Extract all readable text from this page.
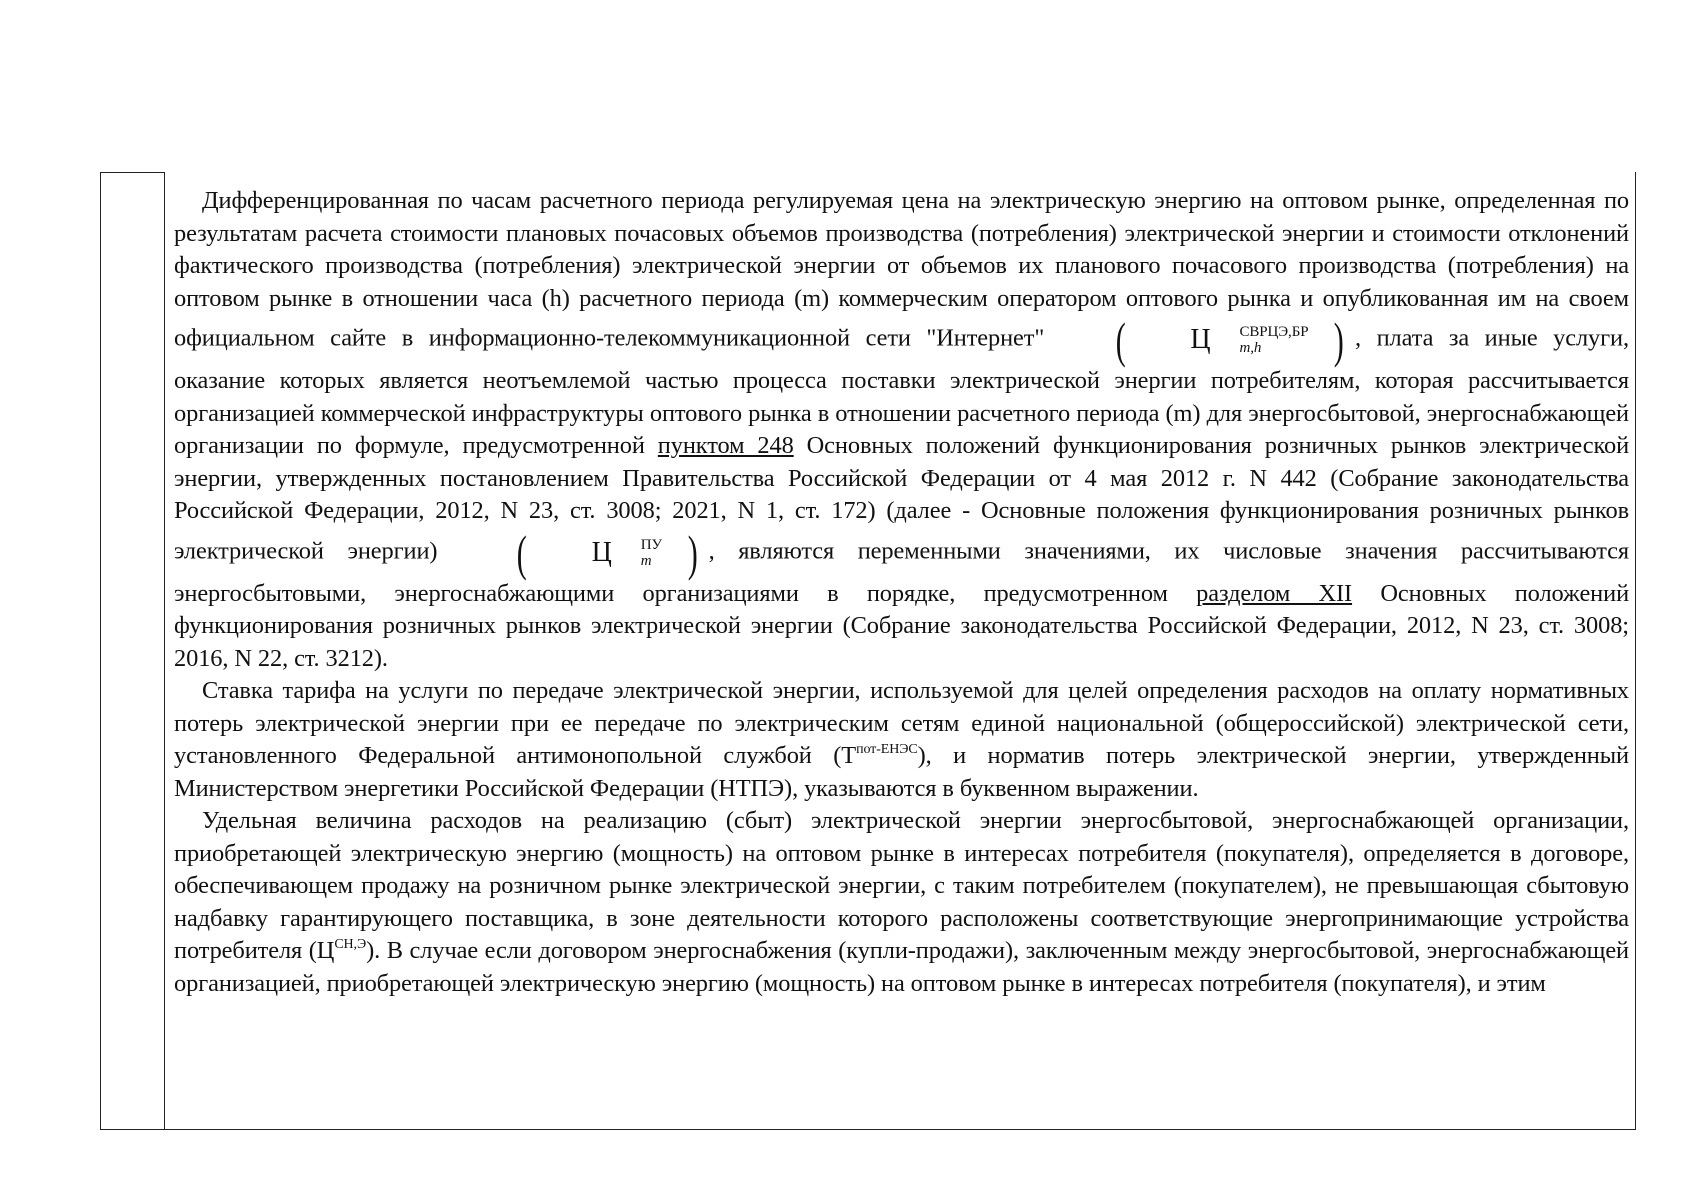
Дифференцированная по часам расчетного периода регулируемая цена на электрическую энергию на оптовом рынке, определенная по результатам расчета стоимости плановых почасовых объемов производства (потребления) электрической энергии и стоимости отклонений фактического производства (потребления) электрической энергии от объемов их планового почасового производства (потребления) на оптовом рынке в отношении часа (h) расчетного периода (m) коммерческим оператором оптового рынка и опубликованная им на своем официальном сайте в информационно-телекоммуникационной сети "Интернет" ( Ц	СВРЦЭ,БР
m,h	) , плата за иные услуги, оказание которых является неотъемлемой частью процесса поставки электрической энергии потребителям, которая рассчитывается организацией коммерческой инфраструктуры оптового рынка в отношении расчетного периода (m) для энергосбытовой, энергоснабжающей организации по формуле, предусмотренной пунктом 248 Основных положений функционирования розничных рынков электрической энергии, утвержденных постановлением Правительства Российской Федерации от 4 мая 2012 г. N 442 (Собрание законодательства Российской Федерации, 2012, N 23, ст. 3008; 2021, N 1, ст. 172) (далее - Основные положения функционирования розничных рынков электрической энергии) ( Ц	ПУ
m ) , являются переменными значениями, их числовые значения рассчитываются энергосбытовыми, энергоснабжающими организациями в порядке, предусмотренном разделом XII Основных положений функционирования розничных рынков электрической энергии (Собрание законодательства Российской Федерации, 2012, N 23, ст. 3008; 2016, N 22, ст. 3212).

Ставка тарифа на услуги по передаче электрической энергии, используемой для целей определения расходов на оплату нормативных потерь электрической энергии при ее передаче по электрическим сетям единой национальной (общероссийской) электрической сети, установленного Федеральной антимонопольной службой $(Т^{пот-ЕНЭС})$, и норматив потерь электрической энергии, утвержденный Министерством энергетики Российской Федерации (НТПЭ), указываются в буквенном выражении.

Удельная величина расходов на реализацию (сбыт) электрической энергии энергосбытовой, энергоснабжающей организации, приобретающей электрическую энергию (мощность) на оптовом рынке в интересах потребителя (покупателя), определяется в договоре, обеспечивающем продажу на розничном рынке электрической энергии, с таким потребителем (покупателем), не превышающая сбытовую надбавку гарантирующего поставщика, в зоне деятельности которого расположены соответствующие энергопринимающие устройства потребителя $(Ц^{СН,Э})$. В случае если договором энергоснабжения (купли-продажи), заключенным между энергосбытовой, энергоснабжающей организацией, приобретающей электрическую энергию (мощность) на оптовом рынке в интересах потребителя (покупателя), и этим
